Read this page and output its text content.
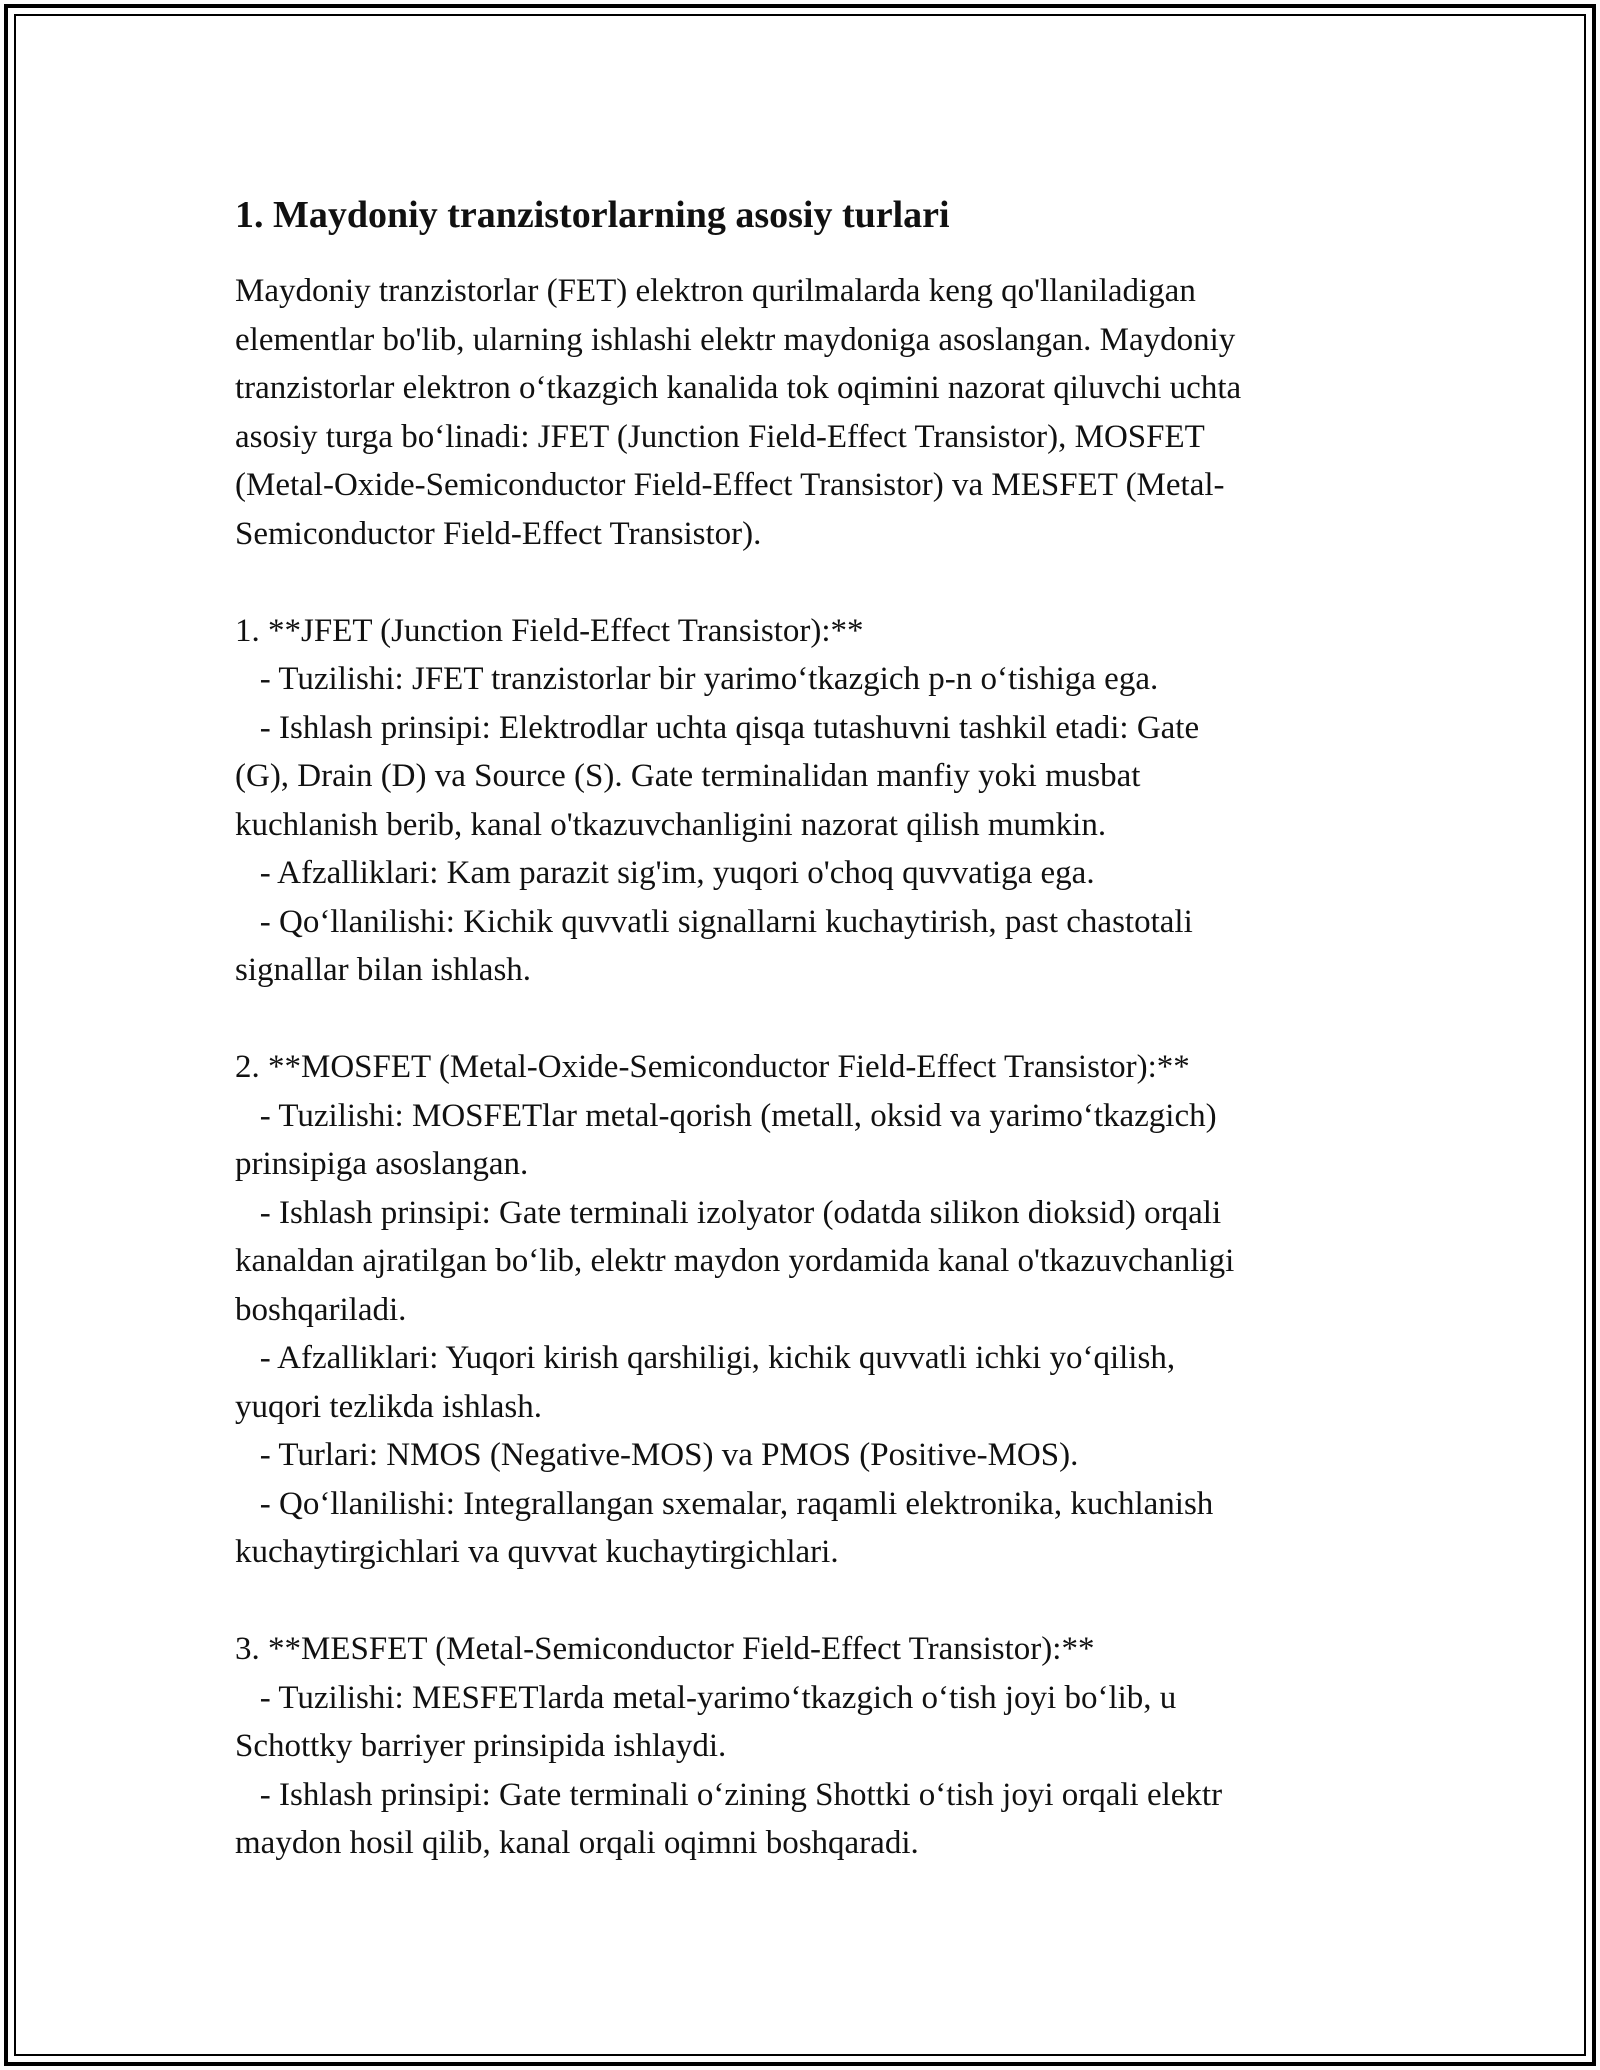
1. Maydoniy tranzistorlarning asosiy turlari

Maydoniy tranzistorlar (FET) elektron qurilmalarda keng qo'llaniladigan
elementlar bo'lib, ularning ishlashi elektr maydoniga asoslangan. Maydoniy
tranzistorlar elektron o‘tkazgich kanalida tok oqimini nazorat qiluvchi uchta
asosiy turga bo‘linadi: JFET (Junction Field-Effect Transistor), MOSFET
(Metal-Oxide-Semiconductor Field-Effect Transistor) va MESFET (Metal-
Semiconductor Field-Effect Transistor).

1. **JFET (Junction Field-Effect Transistor):**
- Tuzilishi: JFET tranzistorlar bir yarimo‘tkazgich p-n o‘tishiga ega.
- Ishlash prinsipi: Elektrodlar uchta qisqa tutashuvni tashkil etadi: Gate
(G), Drain (D) va Source (S). Gate terminalidan manfiy yoki musbat
kuchlanish berib, kanal o'tkazuvchanligini nazorat qilish mumkin.
- Afzalliklari: Kam parazit sig'im, yuqori o'choq quvvatiga ega.
- Qo‘llanilishi: Kichik quvvatli signallarni kuchaytirish, past chastotali
signallar bilan ishlash.

2. **MOSFET (Metal-Oxide-Semiconductor Field-Effect Transistor):**
- Tuzilishi: MOSFETlar metal-qorish (metall, oksid va yarimo‘tkazgich)
prinsipiga asoslangan.
- Ishlash prinsipi: Gate terminali izolyator (odatda silikon dioksid) orqali
kanaldan ajratilgan bo‘lib, elektr maydon yordamida kanal o'tkazuvchanligi
boshqariladi.
- Afzalliklari: Yuqori kirish qarshiligi, kichik quvvatli ichki yo‘qilish,
yuqori tezlikda ishlash.
- Turlari: NMOS (Negative-MOS) va PMOS (Positive-MOS).
- Qo‘llanilishi: Integrallangan sxemalar, raqamli elektronika, kuchlanish
kuchaytirgichlari va quvvat kuchaytirgichlari.

3. **MESFET (Metal-Semiconductor Field-Effect Transistor):**
- Tuzilishi: MESFETlarda metal-yarimo‘tkazgich o‘tish joyi bo‘lib, u
Schottky barriyer prinsipida ishlaydi.
- Ishlash prinsipi: Gate terminali o‘zining Shottki o‘tish joyi orqali elektr
maydon hosil qilib, kanal orqali oqimni boshqaradi.
